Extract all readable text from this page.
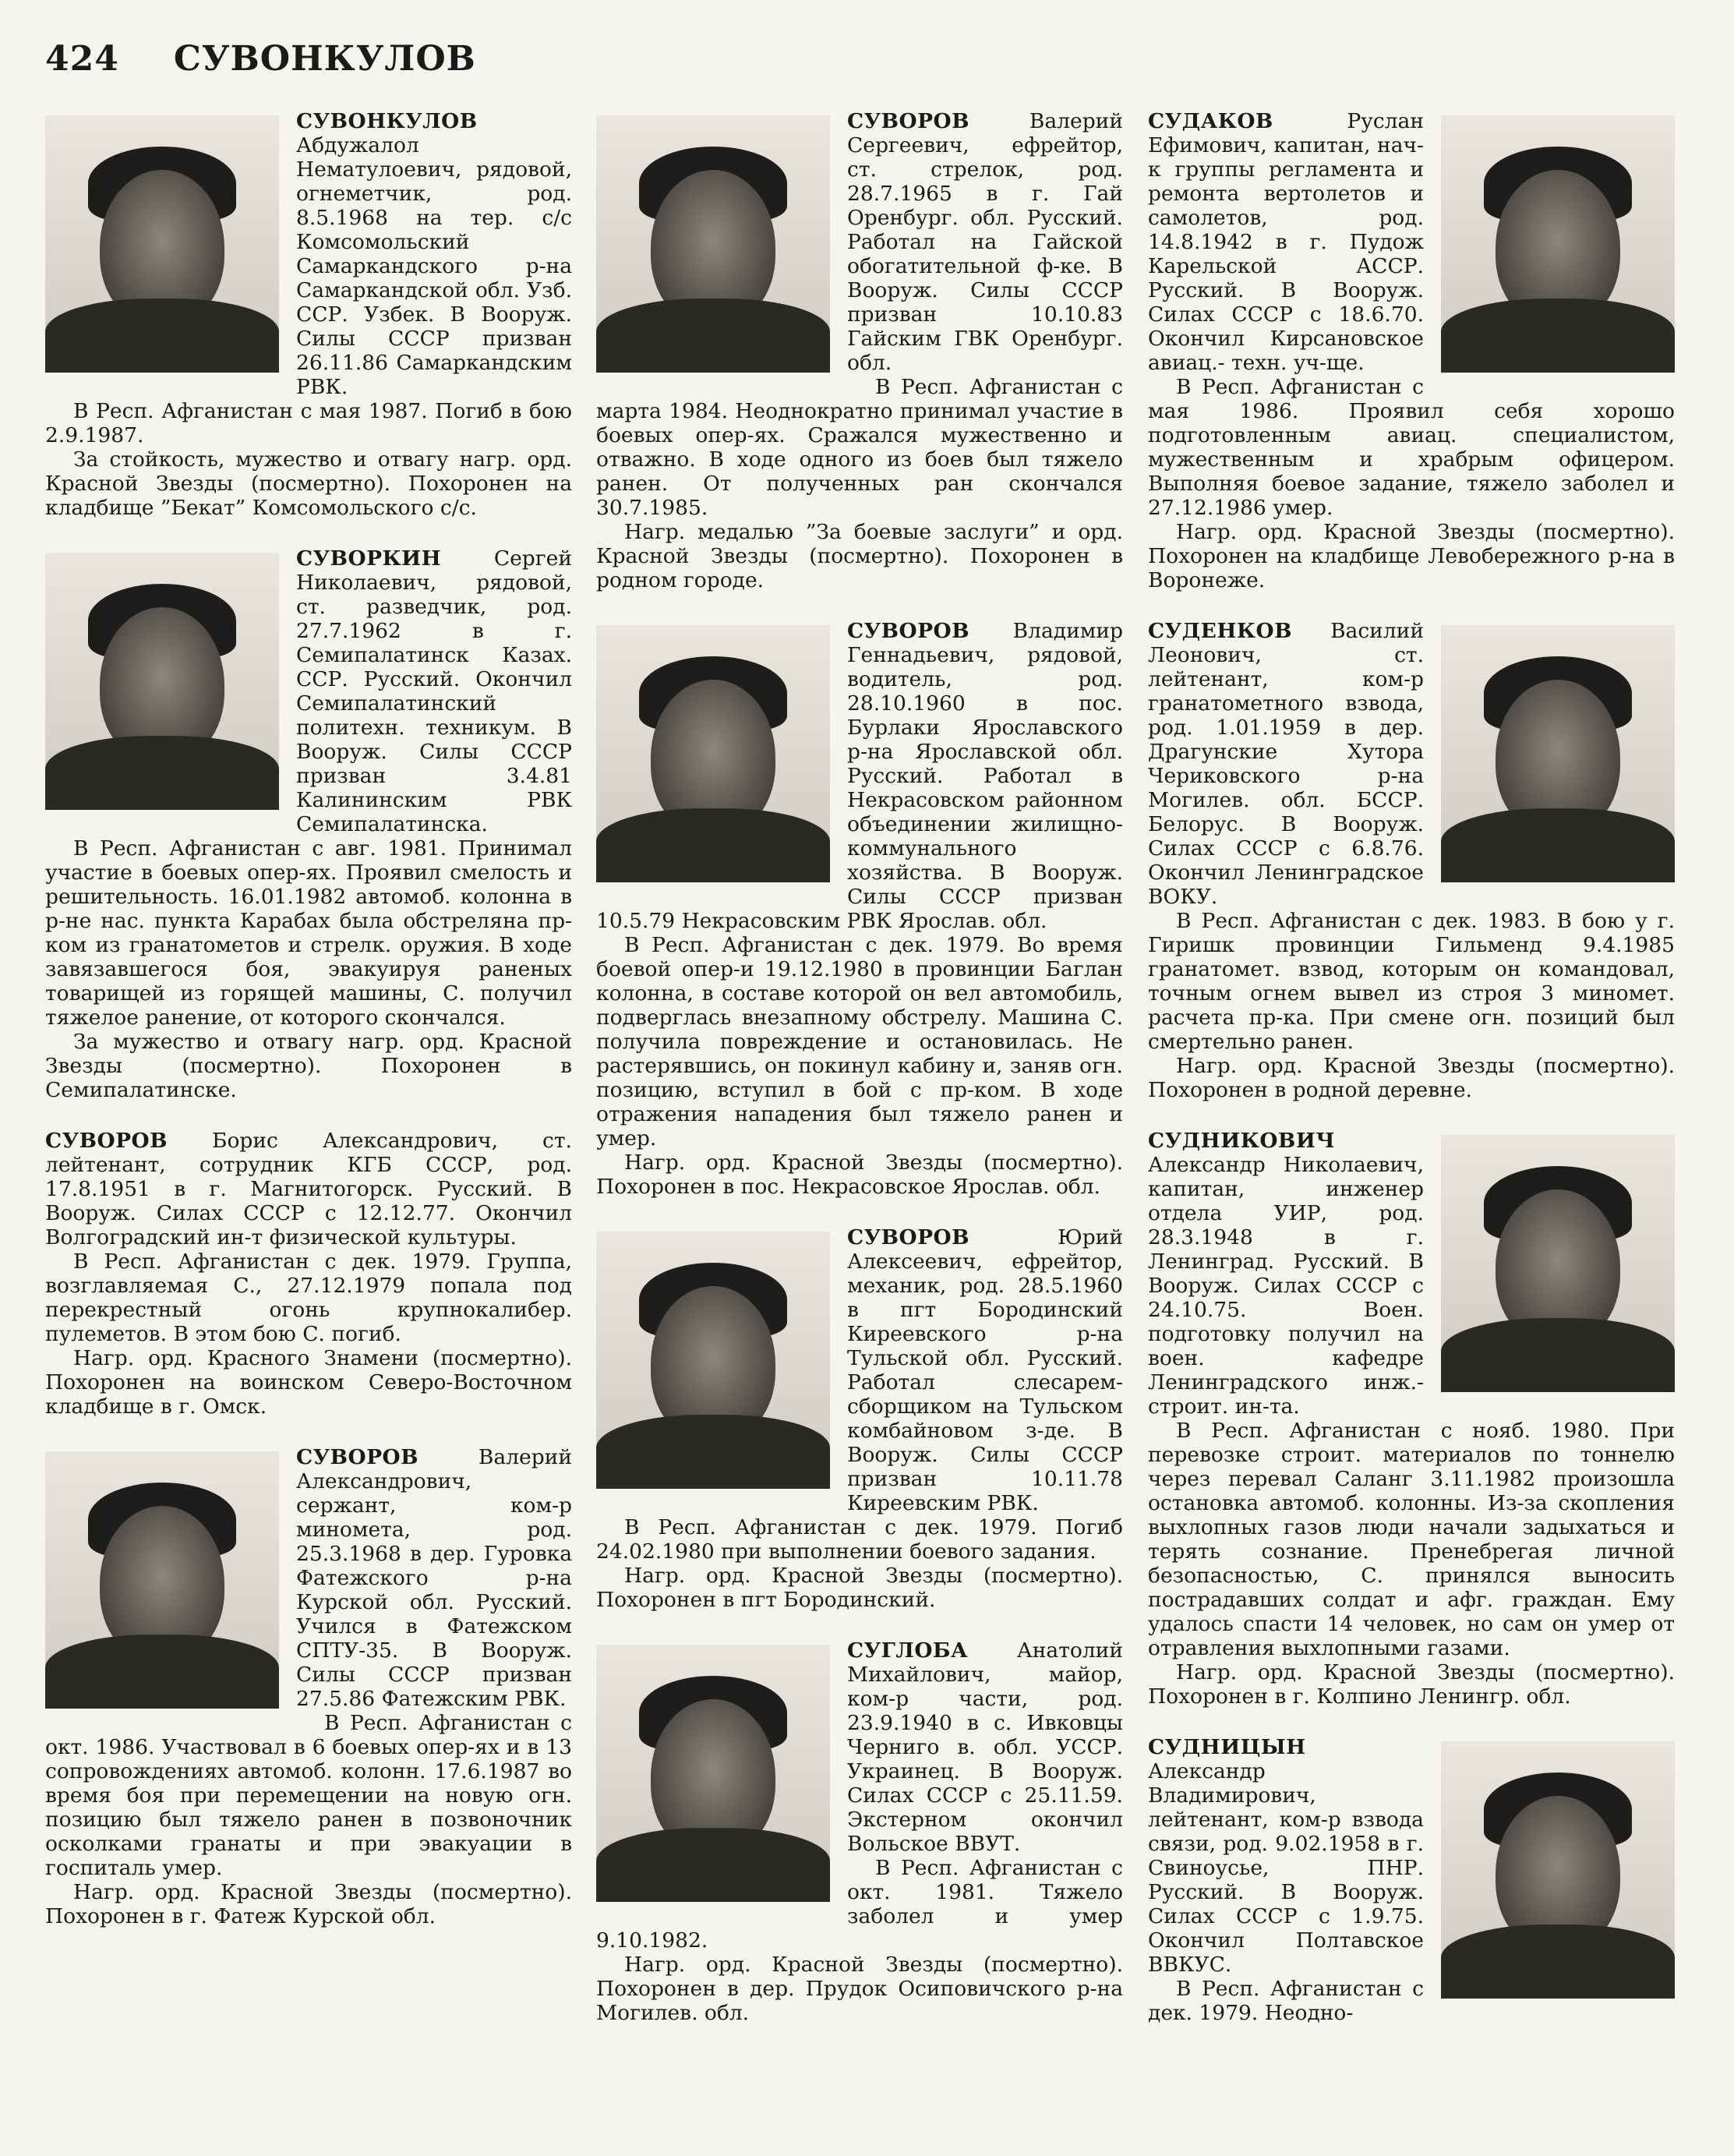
424 СУВОНКУЛОВ

СУВОНКУЛОВ Абдужалол Нематулоевич, рядовой, огнеметчик, род. 8.5.1968 на тер. с/с Комсомольский Самаркандского р-на Самаркандской обл. Узб. ССР. Узбек. В Вооруж. Силы СССР призван 26.11.86 Самаркандским РВК.

В Респ. Афганистан с мая 1987. Погиб в бою 2.9.1987.

За стойкость, мужество и отвагу нагр. орд. Красной Звезды (посмертно). Похоронен на кладбище ”Бекат” Комсомольского с/с.

СУВОРКИН	Сергей Николаевич, рядовой, ст. разведчик, род. 27.7.1962 в г. Семипалатинск Казах. ССР. Русский. Окончил Семипалатинский политехн. техникум. В Вооруж. Силы СССР призван 3.4.81 Калининским РВК Семипалатинска.

В Респ. Афганистан с авг. 1981. Принимал участие в боевых опер-ях. Проявил смелость и решительность. 16.01.1982 автомоб. колонна в р-не нас. пункта Карабах была обстреляна пр-ком из гранатометов и стрелк. оружия. В ходе завязавшегося боя, эвакуируя раненых товарищей из горящей машины, С. получил тяжелое ранение, от которого скончался.

За мужество и отвагу нагр. орд. Красной Звезды (посмертно). Похоронен в Семипалатинске.

СУВОРОВ Борис Александрович, ст. лейтенант, сотрудник КГБ СССР, род. 17.8.1951 в г. Магнитогорск. Русский. В Вооруж. Силах СССР с 12.12.77. Окончил Волгоградский ин-т физической культуры.

В Респ. Афганистан с дек. 1979. Группа, возглавляемая С., 27.12.1979 попала под перекрестный огонь крупнокалибер. пулеметов. В этом бою С. погиб.

Нагр. орд. Красного Знамени (посмертно). Похоронен на воинском Северо-Восточном кладбище в г. Омск.

СУВОРОВ	Валерий Александрович, сержант, ком-р минометa, род. 25.3.1968 в дер. Гуровка Фатежского р-на Курской обл. Русский. Учился в Фатежском СПТУ-35. В Вооруж. Силы СССР призван 27.5.86 Фатежским РВК.

В Респ. Афганистан с окт. 1986. Участвовал в 6 боевых опер-ях и в 13 сопровождениях автомоб. колонн. 17.6.1987 во время боя при перемещении на новую огн. позицию был тяжело ранен в позвоночник осколками гранаты и при эвакуации в госпиталь умер.

Нагр. орд. Красной Звезды (посмертно). Похоронен в г. Фатеж Курской обл.

СУВОРОВ	Валерий Сергеевич, ефрейтор, ст. стрелок, род. 28.7.1965 в г. Гай Оренбург. обл. Русский. Работал на Гайской обогатительной ф-ке. В Вооруж. Силы СССР призван 10.10.83 Гайским ГВК Оренбург. обл.

В Респ. Афганистан с марта 1984. Неоднократно принимал участие в боевых опер-ях. Сражался мужественно и отважно. В ходе одного из боев был тяжело ранен. От полученных ран скончался 30.7.1985.

Нагр. медалью ”За боевые заслуги” и орд. Красной Звезды (посмертно). Похоронен в родном городе.

СУВОРОВ Владимир Геннадьевич, рядовой, водитель, род. 28.10.1960 в пос. Бурлаки Ярославского р-на Ярославской обл. Русский. Работал в Некрасовском районном объединении жилищно-коммунального хозяйства. В Вооруж. Силы СССР призван 10.5.79 Некрасовским РВК Ярослав. обл.

В Респ. Афганистан с дек. 1979. Во время боевой опер-и 19.12.1980 в провинции Баглан колонна, в составе которой он вел автомобиль, подверглась внезапному обстрелу. Машина С. получила повреждение и остановилась. Не растерявшись, он покинул кабину и, заняв огн. позицию, вступил в бой с пр-ком. В ходе отражения нападения был тяжело ранен и умер.

Нагр. орд. Красной Звезды (посмертно). Похоронен в пос. Некрасовское Ярослав. обл.

СУВОРОВ	Юрий Алексеевич, ефрейтор, механик, род. 28.5.1960 в пгт Бородинский Киреевского р-на Тульской обл. Русский. Работал слесарем-сборщиком на Тульском комбайновом з-де. В Вооруж. Силы СССР призван 10.11.78 Киреевским РВК.

В Респ. Афганистан с дек. 1979. Погиб 24.02.1980 при выполнении боевого задания.

Нагр. орд. Красной Звезды (посмертно). Похоронен в пгт Бородинский.

СУГЛОБА Анатолий Михайлович, майор, ком-р части, род. 23.9.1940 в с. Ивковцы Черниго в. обл. УССР. Украинец. В Вооруж. Силах СССР с 25.11.59. Экстерном окончил Вольское ВВУТ.

В Респ. Афганистан с окт. 1981. Тяжело заболел и умер 9.10.1982.

Нагр. орд. Красной Звезды (посмертно). Похоронен в дер. Прудок Осиповичского р-на Могилев. обл.

СУДАКОВ	Руслан Ефимович, капитан, нач-к группы регламента и ремонта вертолетов и самолетов, род. 14.8.1942 в г. Пудож Карельской АССР. Русский. В Вооруж. Силах СССР с 18.6.70. Окончил Кирсановское авиац.- техн. уч-ще.

В Респ. Афганистан с мая 1986. Проявил себя хорошо подготовленным авиац. специалистом, мужественным и храбрым офицером. Выполняя боевое задание, тяжело заболел и 27.12.1986 умер.

Нагр. орд. Красной Звезды (посмертно). Похоронен на кладбище Левобережного р-на в Воронеже.

СУДЕНКОВ Василий Леонович, ст. лейтенант, ком-р гранатометного взвода, род. 1.01.1959 в дер. Драгунские Хутора Чериковского р-на Могилев. обл. БССР. Белорус. В Вооруж. Силах СССР с 6.8.76. Окончил Ленинградское ВОКУ.

В Респ. Афганистан с дек. 1983. В бою у г. Гиришк провинции Гильменд 9.4.1985 гранатомет. взвод, которым он командовал, точным огнем вывел из строя 3 миномет. расчета пр-ка. При смене огн. позиций был смертельно ранен.

Нагр. орд. Красной Звезды (посмертно). Похоронен в родной деревне.

СУДНИКОВИЧ Александр Николаевич, капитан, инженер отдела УИР, род. 28.3.1948 в г. Ленинград. Русский. В Вооруж. Силах СССР с 24.10.75. Воен. подготовку получил на воен. кафедре Ленинградского инж.- строит. ин-та.

В Респ. Афганистан с нояб. 1980. При перевозке строит. материалов по тоннелю через перевал Саланг 3.11.1982 произошла остановка автомоб. колонны. Из-за скопления выхлопных газов люди начали задыхаться и терять сознание. Пренебрегая личной безопасностью, С. принялся выносить пострадавших солдат и афг. граждан. Ему удалось спасти 14 человек, но сам он умер от отравления выхлопными газами.

Нагр. орд. Красной Звезды (посмертно). Похоронен в г. Колпино Ленингр. обл.

СУДНИЦЫН Александр Владимирович, лейтенант, ком-р взвода связи, род. 9.02.1958 в г. Свиноусье, ПНР. Русский. В Вооруж. Силах СССР с 1.9.75. Окончил Полтавское ВВКУС.

В Респ. Афганистан с дек. 1979. Неодно-
